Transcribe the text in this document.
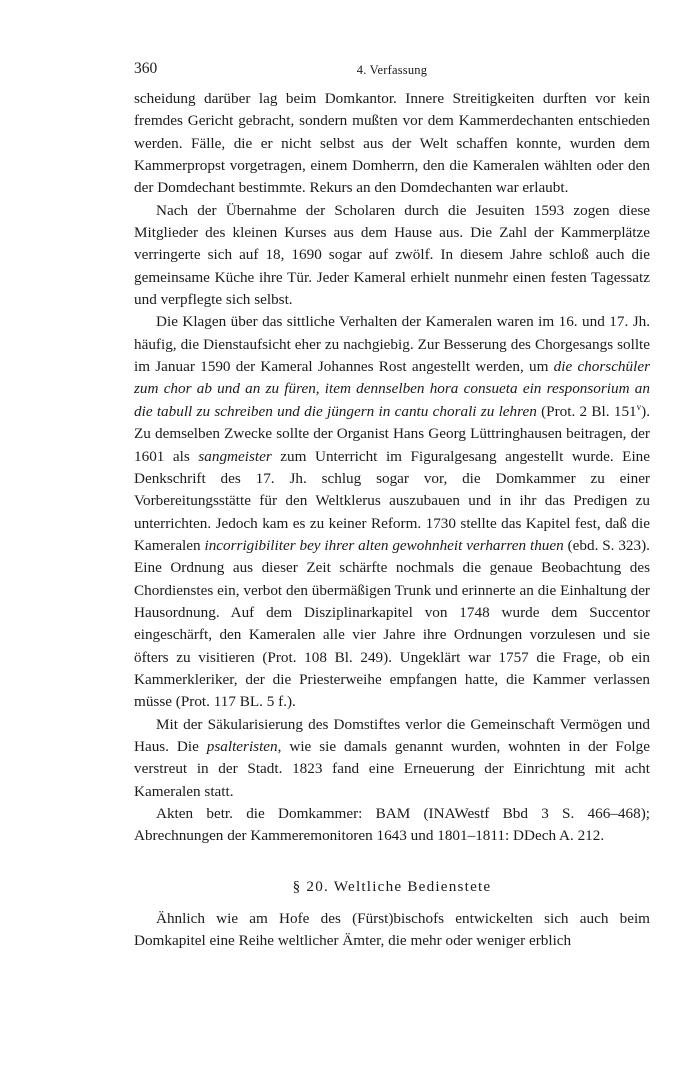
360	4. Verfassung

scheidung darüber lag beim Domkantor. Innere Streitigkeiten durften vor kein fremdes Gericht gebracht, sondern mußten vor dem Kammerdechanten entschieden werden. Fälle, die er nicht selbst aus der Welt schaffen konnte, wurden dem Kammerpropst vorgetragen, einem Domherrn, den die Kameralen wählten oder den der Domdechant bestimmte. Rekurs an den Domdechanten war erlaubt.

Nach der Übernahme der Scholaren durch die Jesuiten 1593 zogen diese Mitglieder des kleinen Kurses aus dem Hause aus. Die Zahl der Kammerplätze verringerte sich auf 18, 1690 sogar auf zwölf. In diesem Jahre schloß auch die gemeinsame Küche ihre Tür. Jeder Kameral erhielt nunmehr einen festen Tagessatz und verpflegte sich selbst.

Die Klagen über das sittliche Verhalten der Kameralen waren im 16. und 17. Jh. häufig, die Dienstaufsicht eher zu nachgiebig. Zur Besserung des Chorgesangs sollte im Januar 1590 der Kameral Johannes Rost angestellt werden, um die chorschüler zum chor ab und an zu füren, item dennselben hora consueta ein responsorium an die tabull zu schreiben und die jüngern in cantu chorali zu lehren (Prot. 2 Bl. 151$^v$). Zu demselben Zwecke sollte der Organist Hans Georg Lüttringhausen beitragen, der 1601 als sangmeister zum Unterricht im Figuralgesang angestellt wurde. Eine Denkschrift des 17. Jh. schlug sogar vor, die Domkammer zu einer Vorbereitungsstätte für den Weltklerus auszubauen und in ihr das Predigen zu unterrichten. Jedoch kam es zu keiner Reform. 1730 stellte das Kapitel fest, daß die Kameralen incorrigibiliter bey ihrer alten gewohnheit verharren thuen (ebd. S. 323). Eine Ordnung aus dieser Zeit schärfte nochmals die genaue Beobachtung des Chordienstes ein, verbot den übermäßigen Trunk und erinnerte an die Einhaltung der Hausordnung. Auf dem Disziplinarkapitel von 1748 wurde dem Succentor eingeschärft, den Kameralen alle vier Jahre ihre Ordnungen vorzulesen und sie öfters zu visitieren (Prot. 108 Bl. 249). Ungeklärt war 1757 die Frage, ob ein Kammerkleriker, der die Priesterweihe empfangen hatte, die Kammer verlassen müsse (Prot. 117 BL. 5 f.).

Mit der Säkularisierung des Domstiftes verlor die Gemeinschaft Vermögen und Haus. Die psalteristen, wie sie damals genannt wurden, wohnten in der Folge verstreut in der Stadt. 1823 fand eine Erneuerung der Einrichtung mit acht Kameralen statt.

Akten betr. die Domkammer: BAM (INAWestf Bbd 3 S. 466–468); Abrechnungen der Kammeremonitoren 1643 und 1801–1811: DDech A. 212.

§ 20. Weltliche Bedienstete

Ähnlich wie am Hofe des (Fürst)bischofs entwickelten sich auch beim Domkapitel eine Reihe weltlicher Ämter, die mehr oder weniger erblich
